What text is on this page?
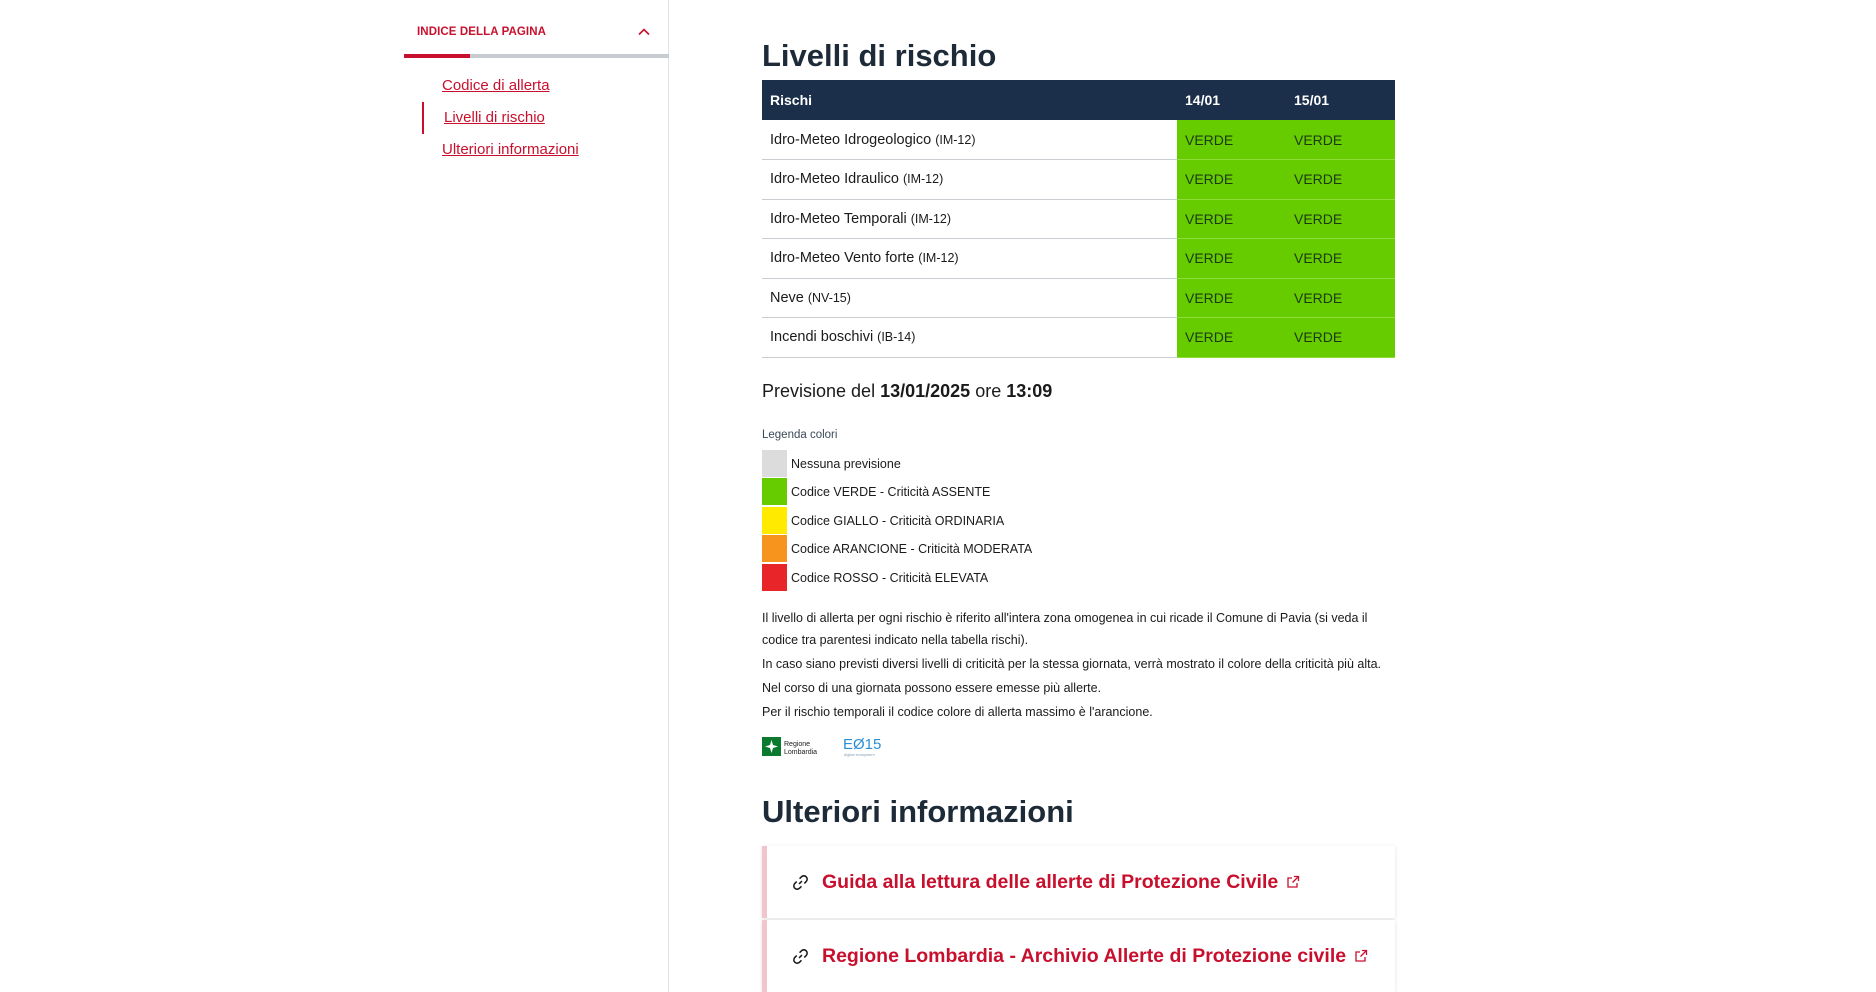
INDICE DELLA PAGINA
Codice di allerta
Livelli di rischio
Ulteriori informazioni
Livelli di rischio
Rischi	14/01	15/01
Idro-Meteo Idrogeologico (IM-12)	VERDE	VERDE
Idro-Meteo Idraulico (IM-12)	VERDE	VERDE
Idro-Meteo Temporali (IM-12)	VERDE	VERDE
Idro-Meteo Vento forte (IM-12)	VERDE	VERDE
Neve (NV-15)	VERDE	VERDE
Incendi boschivi (IB-14)	VERDE	VERDE
Previsione del 13/01/2025 ore 13:09
Legenda colori
Nessuna previsione
Codice VERDE - Criticità ASSENTE
Codice GIALLO - Criticità ORDINARIA
Codice ARANCIONE - Criticità MODERATA
Codice ROSSO - Criticità ELEVATA

Il livello di allerta per ogni rischio è riferito all'intera zona omogenea in cui ricade il Comune di Pavia (si veda il codice tra parentesi indicato nella tabella rischi).

In caso siano previsti diversi livelli di criticità per la stessa giornata, verrà mostrato il colore della criticità più alta.

Nel corso di una giornata possono essere emesse più allerte.

Per il rischio temporali il codice colore di allerta massimo è l'arancione.

Regione
Lombardia EØ15
digital ecosystem
Ulteriori informazioni
Guida alla lettura delle allerte di Protezione Civile
Regione Lombardia - Archivio Allerte di Protezione civile
